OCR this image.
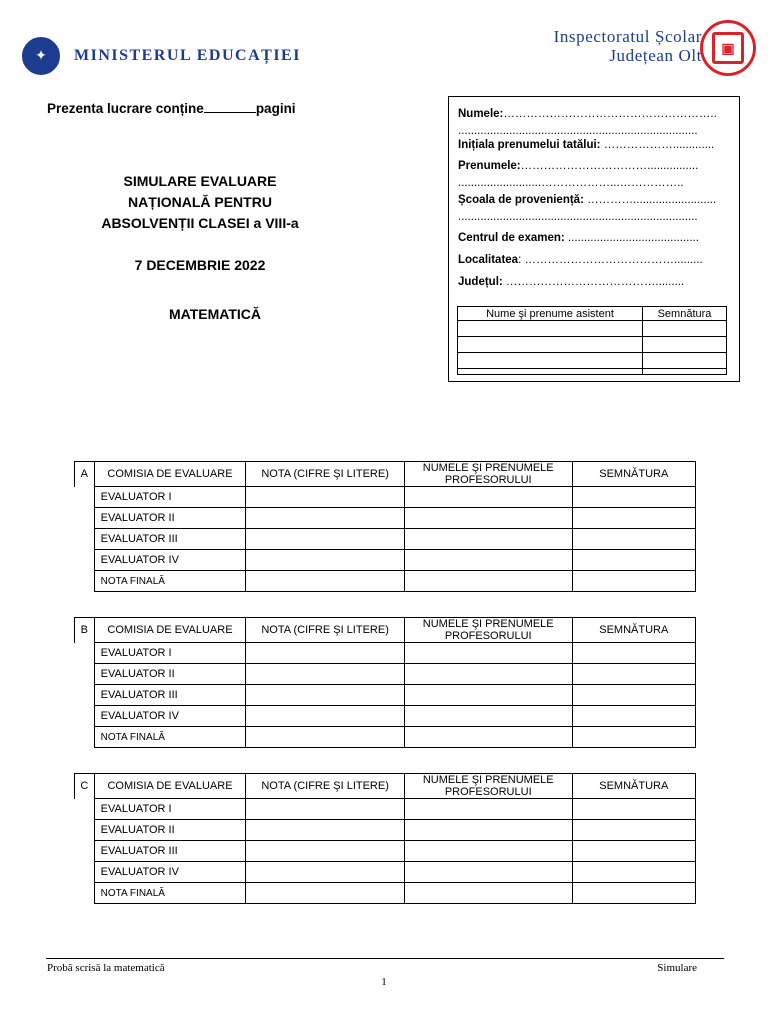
✦	MINISTERUL EDUCAȚIEI
Inspectoratul Școlar
Județean Olt	▣
Prezenta lucrare conține	pagini
SIMULARE EVALUARE
NAȚIONALĂ PENTRU
ABSOLVENȚII CLASEI a VIII-a
7 DECEMBRIE 2022
MATEMATICĂ
Numele:………………………………………………..
...........................................................................
Inițiala prenumelui tatălui: ……………….............
Prenumele:……………………………................
..........................………………...……………..
Școala de proveniență: …………..........................
...........................................................................
Centrul de examen: .........................................
Localitatea: ………………………………….........
Județul: ………………………………….........
Nume şi prenume asistent	Semnătura

A	COMISIA DE EVALUARE	NOTA (CIFRE ŞI LITERE)	NUMELE ŞI PRENUMELE PROFESORULUI	SEMNĂTURA
	EVALUATOR I			
	EVALUATOR II			
	EVALUATOR III			
	EVALUATOR IV			
	NOTA FINALĂ			
B	COMISIA DE EVALUARE	NOTA (CIFRE ŞI LITERE)	NUMELE ŞI PRENUMELE PROFESORULUI	SEMNĂTURA
	EVALUATOR I			
	EVALUATOR II			
	EVALUATOR III			
	EVALUATOR IV			
	NOTA FINALĂ			
C	COMISIA DE EVALUARE	NOTA (CIFRE ŞI LITERE)	NUMELE ŞI PRENUMELE PROFESORULUI	SEMNĂTURA
	EVALUATOR I			
	EVALUATOR II			
	EVALUATOR III			
	EVALUATOR IV			
	NOTA FINALĂ			
Probă scrisă la matematică	Simulare
1
